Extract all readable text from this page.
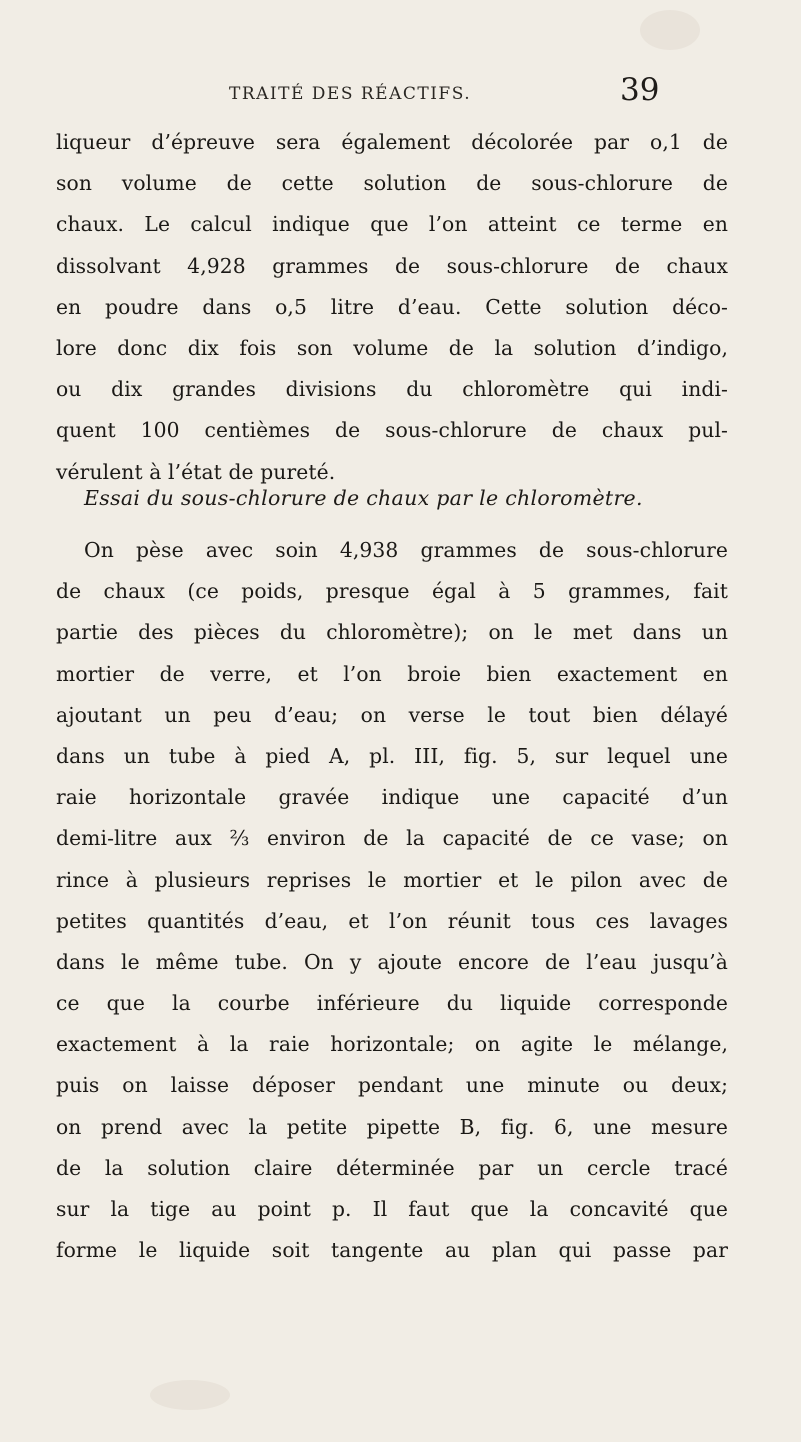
TRAITÉ DES RÉACTIFS.	39
liqueur d’épreuve sera également décolorée par o,1 de
son volume de cette solution de sous-chlorure de
chaux. Le calcul indique que l’on atteint ce terme en
dissolvant 4,928 grammes de sous-chlorure de chaux
en poudre dans o,5 litre d’eau. Cette solution déco-
lore donc dix fois son volume de la solution d’indigo,
ou dix grandes divisions du chloromètre qui indi-
quent 100 centièmes de sous-chlorure de chaux pul-
vérulent à l’état de pureté.
Essai du sous-chlorure de chaux par le chloromètre.
On pèse avec soin 4,938 grammes de sous-chlorure
de chaux (ce poids, presque égal à 5 grammes, fait
partie des pièces du chloromètre); on le met dans un
mortier de verre, et l’on broie bien exactement en
ajoutant un peu d’eau; on verse le tout bien délayé
dans un tube à pied A, pl. III, fig. 5, sur lequel une
raie horizontale gravée indique une capacité d’un
demi-litre aux ⅔ environ de la capacité de ce vase; on
rince à plusieurs reprises le mortier et le pilon avec de
petites quantités d’eau, et l’on réunit tous ces lavages
dans le même tube. On y ajoute encore de l’eau jusqu’à
ce que la courbe inférieure du liquide corresponde
exactement à la raie horizontale; on agite le mélange,
puis on laisse déposer pendant une minute ou deux;
on prend avec la petite pipette B, fig. 6, une mesure
de la solution claire déterminée par un cercle tracé
sur la tige au point p. Il faut que la concavité que
forme le liquide soit tangente au plan qui passe par
